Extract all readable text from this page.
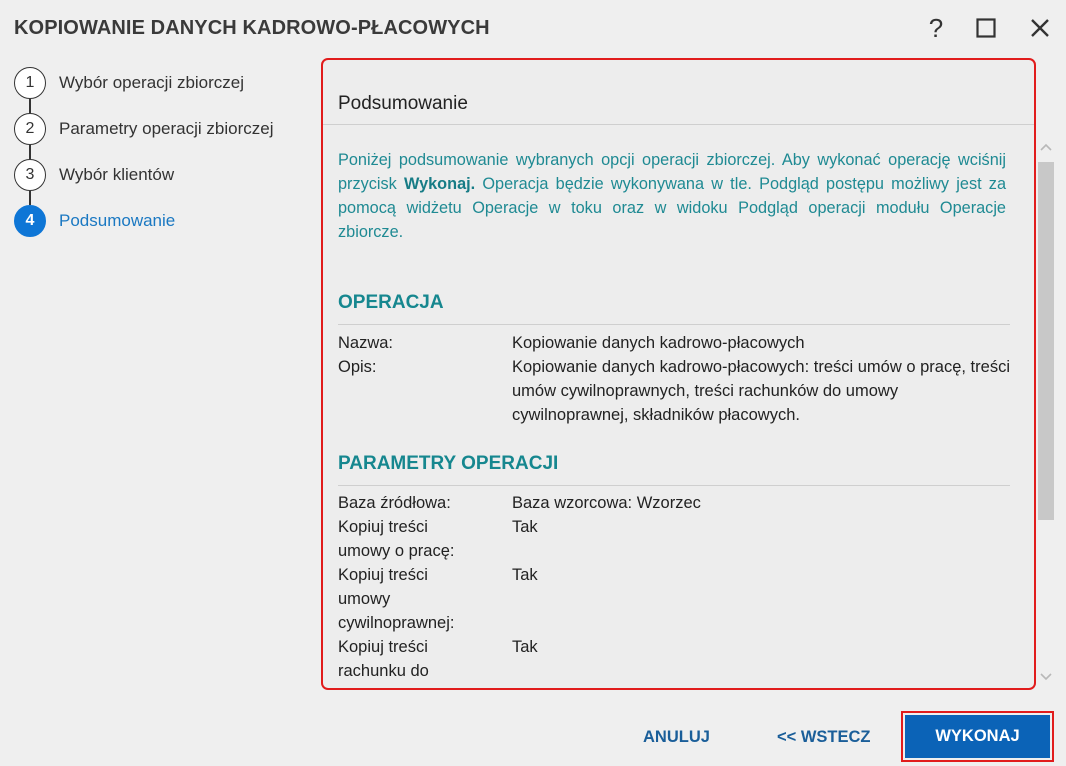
KOPIOWANIE DANYCH KADROWO-PŁACOWYCH	?
1	Wybór operacji zbiorczej
2	Parametry operacji zbiorczej
3	Wybór klientów
4	Podsumowanie
Podsumowanie
Poniżej podsumowanie wybranych opcji operacji zbiorczej. Aby wykonać operację wciśnij przycisk Wykonaj. Operacja będzie wykonywana w tle. Podgląd postępu możliwy jest za pomocą widżetu Operacje w toku oraz w widoku Podgląd operacji modułu Operacje zbiorcze.
OPERACJA
Nazwa:	Kopiowanie danych kadrowo-płacowych
Opis:	Kopiowanie danych kadrowo-płacowych: treści umów o pracę, treści umów cywilnoprawnych, treści rachunków do umowy cywilnoprawnej, składników płacowych.
PARAMETRY OPERACJI
Baza źródłowa:	Baza wzorcowa: Wzorzec
Kopiuj treści umowy o pracę:
Tak
Kopiuj treści umowy cywilnoprawnej:
Tak
Kopiuj treści rachunku do
Tak
ANULUJ	<< WSTECZ	WYKONAJ
